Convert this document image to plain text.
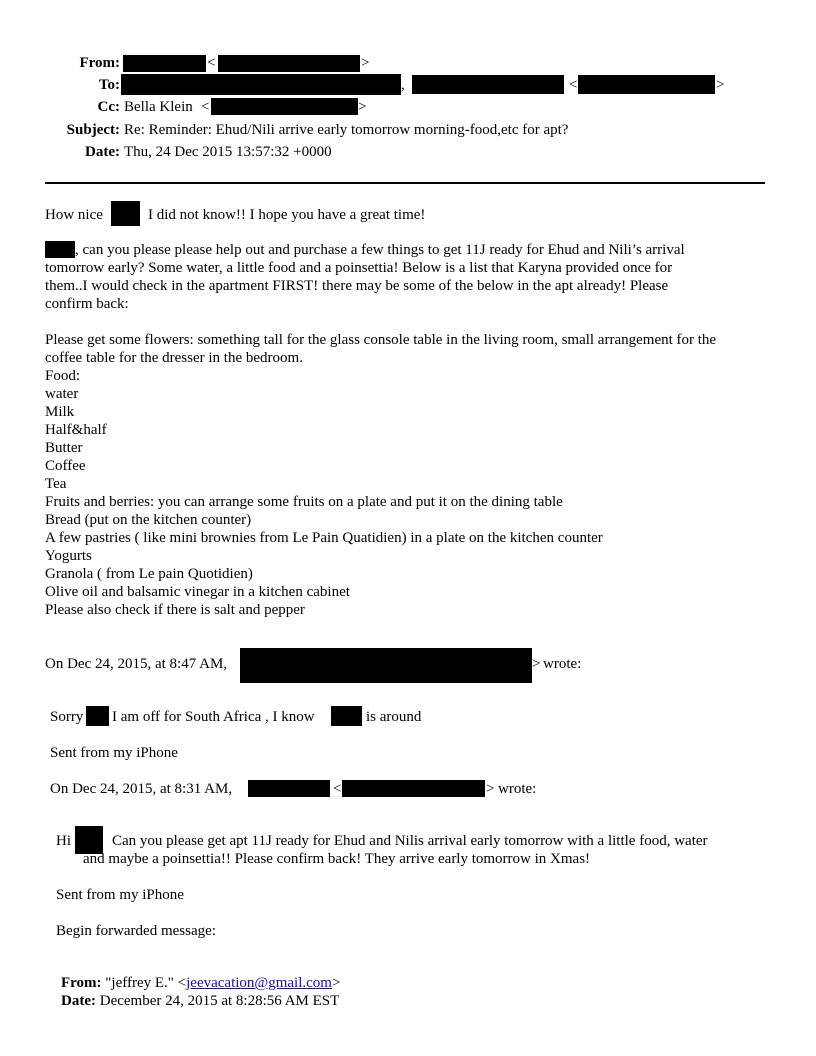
From:	<	>
To:	,	<	>
Cc: Bella Klein <	>
Subject: Re: Reminder: Ehud/Nili arrive early tomorrow morning-food,etc for apt?
Date: Thu, 24 Dec 2015 13:57:32 +0000
How nice	I did not know!! I hope you have a great time!
, can you please please help out and purchase a few things to get 11J ready for Ehud and Nili’s arrival
tomorrow early? Some water, a little food and a poinsettia! Below is a list that Karyna provided once for
them..I would check in the apartment FIRST! there may be some of the below in the apt already! Please
confirm back:
Please get some flowers: something tall for the glass console table in the living room, small arrangement for the
coffee table for the dresser in the bedroom.
Food:
water
Milk
Half&half
Butter
Coffee
Tea
Fruits and berries: you can arrange some fruits on a plate and put it on the dining table
Bread (put on the kitchen counter)
A few pastries ( like mini brownies from Le Pain Quatidien) in a plate on the kitchen counter
Yogurts
Granola ( from Le pain Quotidien)
Olive oil and balsamic vinegar in a kitchen cabinet
Please also check if there is salt and pepper
On Dec 24, 2015, at 8:47 AM,	> wrote:
Sorry I am off for South Africa , I know	is around
Sent from my iPhone
On Dec 24, 2015, at 8:31 AM,	<	> wrote:
Hi	Can you please get apt 11J ready for Ehud and Nilis arrival early tomorrow with a little food, water
and maybe a poinsettia!! Please confirm back! They arrive early tomorrow in Xmas!
Sent from my iPhone
Begin forwarded message:
From: "jeffrey E." <jeevacation@gmail.com>
Date: December 24, 2015 at 8:28:56 AM EST
